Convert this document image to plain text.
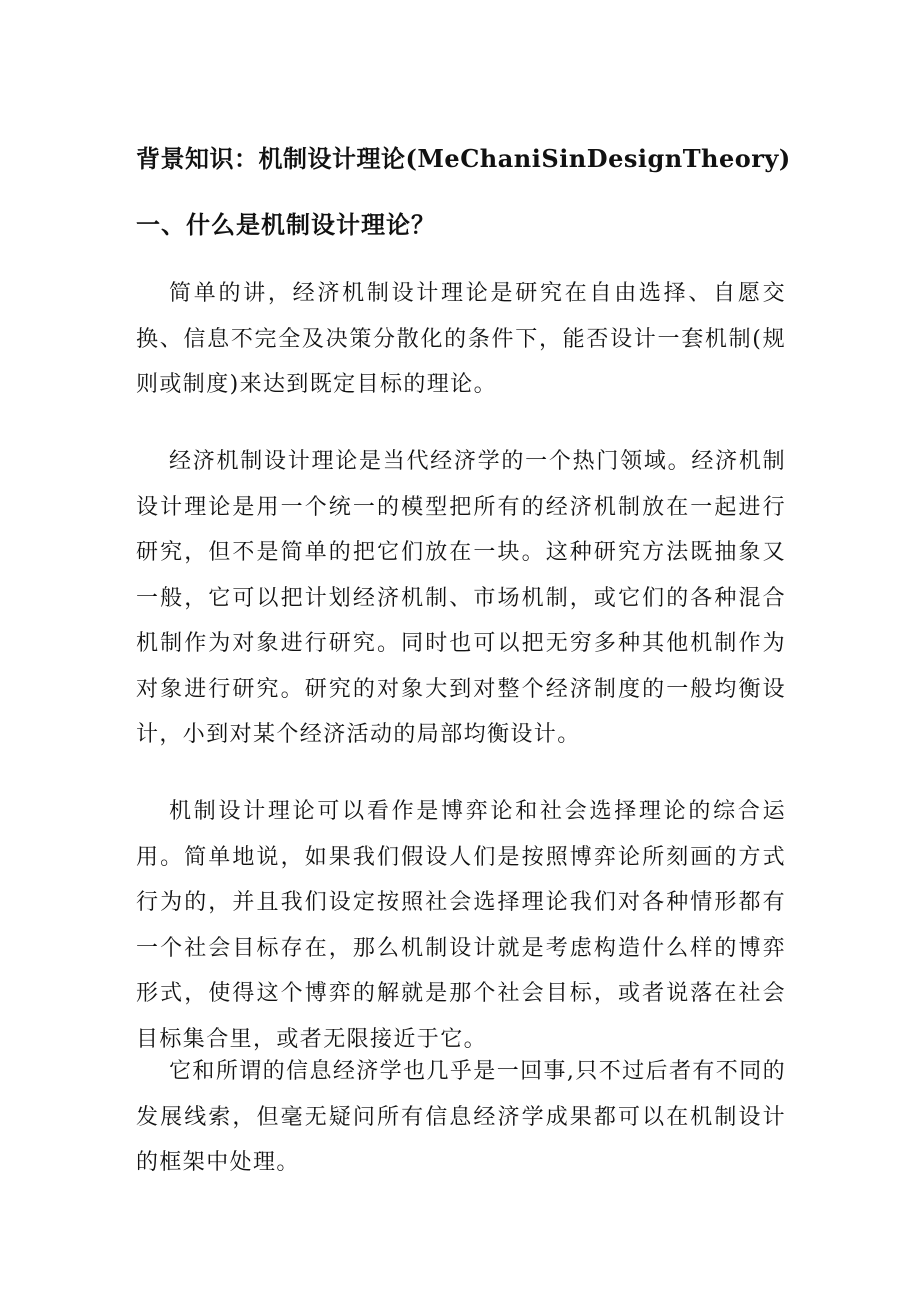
背景知识：机制设计理论(MeChaniSinDesignTheory)
一、什么是机制设计理论？

简单的讲，经济机制设计理论是研究在自由选择、自愿交换、信息不完全及决策分散化的条件下，能否设计一套机制(规则或制度)来达到既定目标的理论。

经济机制设计理论是当代经济学的一个热门领域。经济机制设计理论是用一个统一的模型把所有的经济机制放在一起进行研究，但不是简单的把它们放在一块。这种研究方法既抽象又一般，它可以把计划经济机制、市场机制，或它们的各种混合机制作为对象进行研究。同时也可以把无穷多种其他机制作为对象进行研究。研究的对象大到对整个经济制度的一般均衡设计，小到对某个经济活动的局部均衡设计。

机制设计理论可以看作是博弈论和社会选择理论的综合运用。简单地说，如果我们假设人们是按照博弈论所刻画的方式行为的，并且我们设定按照社会选择理论我们对各种情形都有一个社会目标存在，那么机制设计就是考虑构造什么样的博弈形式，使得这个博弈的解就是那个社会目标，或者说落在社会目标集合里，或者无限接近于它。

它和所谓的信息经济学也几乎是一回事,只不过后者有不同的发展线索，但毫无疑问所有信息经济学成果都可以在机制设计的框架中处理。
